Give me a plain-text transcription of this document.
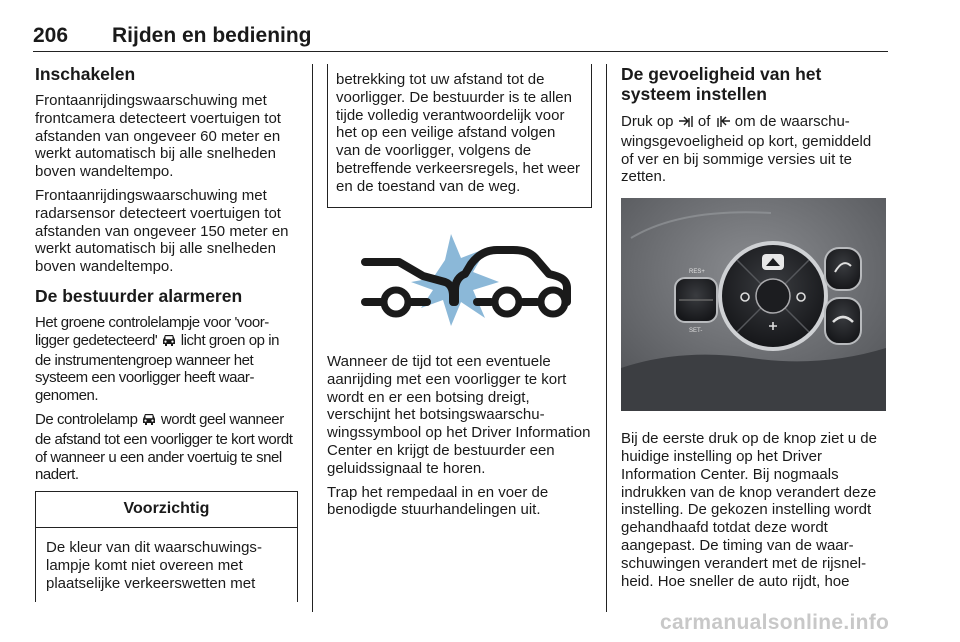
206 Rijden en bediening
Inschakelen

Frontaanrijdingswaarschuwing met frontcamera detecteert voertuigen tot afstanden van ongeveer 60 meter en werkt automatisch bij alle snelheden boven wandeltempo.

Frontaanrijdingswaarschuwing met radarsensor detecteert voertuigen tot afstanden van ongeveer 150 meter en werkt automatisch bij alle snelheden boven wandeltempo.

De bestuurder alarmeren

Het groene controlelampje voor 'voorligger gedetecteerd' licht groen op in de instrumentengroep wanneer het systeem een voorligger heeft waargenomen.

De controlelamp wordt geel wanneer de afstand tot een voorligger te kort wordt of wanneer u een ander voertuig te snel nadert.

Voorzichtig
De kleur van dit waarschuwingslampje komt niet overeen met plaatselijke verkeerswetten met
betrekking tot uw afstand tot de voorligger. De bestuurder is te allen tijde volledig verantwoordelijk voor het op een veilige afstand volgen van de voorligger, volgens de betreffende verkeersregels, het weer en de toestand van de weg.

Wanneer de tijd tot een eventuele aanrijding met een voorligger te kort wordt en er een botsing dreigt, verschijnt het botsingswaarschuwingssymbool op het Driver Information Center en krijgt de bestuurder een geluidssignaal te horen.

Trap het rempedaal in en voer de benodigde stuurhandelingen uit.

De gevoeligheid van het systeem instellen

Druk op of om de waarschuwingsgevoeligheid op kort, gemiddeld of ver en bij sommige versies uit te zetten.

RES+
SET-

Bij de eerste druk op de knop ziet u de huidige instelling op het Driver Information Center. Bij nogmaals indrukken van de knop verandert deze instelling. De gekozen instelling wordt gehandhaafd totdat deze wordt aangepast. De timing van de waarschuwingen verandert met de rijsnelheid. Hoe sneller de auto rijdt, hoe

carmanualsonline.info
